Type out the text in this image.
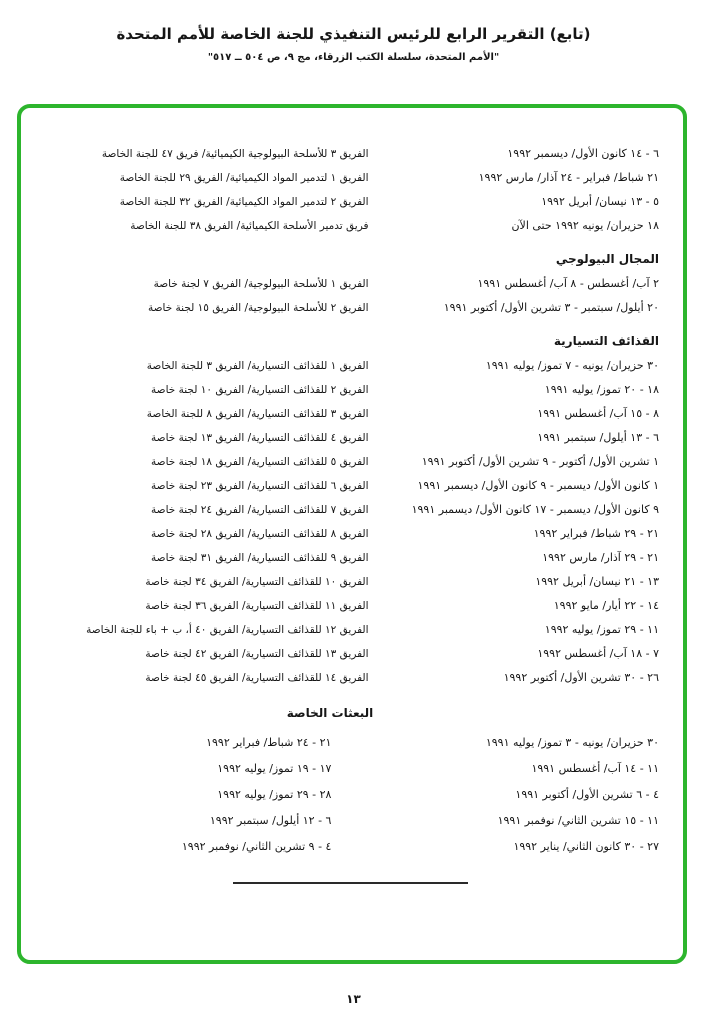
(تابع) التقرير الرابع للرئيس التنفيذي للجنة الخاصة للأمم المتحدة
"الأمم المتحدة، سلسلة الكتب الزرقاء، مج ٩، ص ٥٠٤ ــ ٥١٧"
٦ - ١٤ كانون الأول/ ديسمبر ١٩٩٢
الفريق ٣ للأسلحة البيولوجية الكيميائية/ فريق ٤٧ للجنة الخاصة
٢١ شباط/ فبراير - ٢٤ آذار/ مارس ١٩٩٢
الفريق ١ لتدمير المواد الكيميائية/ الفريق ٢٩ للجنة الخاصة
٥ - ١٣ نيسان/ أبريل ١٩٩٢
الفريق ٢ لتدمير المواد الكيميائية/ الفريق ٣٢ للجنة الخاصة
١٨ حزيران/ يونيه ١٩٩٢ حتى الآن
فريق تدمير الأسلحة الكيميائية/ الفريق ٣٨ للجنة الخاصة
المجال البيولوجي
٢ آب/ أغسطس - ٨ آب/ أغسطس ١٩٩١
الفريق ١ للأسلحة البيولوجية/ الفريق ٧ لجنة خاصة
٢٠ أيلول/ سبتمبر - ٣ تشرين الأول/ أكتوبر ١٩٩١
الفريق ٢ للأسلحة البيولوجية/ الفريق ١٥ لجنة خاصة
القذائف التسيارية
٣٠ حزيران/ يونيه - ٧ تموز/ يوليه ١٩٩١
الفريق ١ للقذائف التسيارية/ الفريق ٣ للجنة الخاصة
١٨ - ٢٠ تموز/ يوليه ١٩٩١
الفريق ٢ للقذائف التسيارية/ الفريق ١٠ لجنة خاصة
٨ - ١٥ آب/ أغسطس ١٩٩١
الفريق ٣ للقذائف التسيارية/ الفريق ٨ للجنة الخاصة
٦ - ١٣ أيلول/ سبتمبر ١٩٩١
الفريق ٤ للقذائف التسيارية/ الفريق ١٣ لجنة خاصة
١ تشرين الأول/ أكتوبر - ٩ تشرين الأول/ أكتوبر ١٩٩١
الفريق ٥ للقذائف التسيارية/ الفريق ١٨ لجنة خاصة
١ كانون الأول/ ديسمبر - ٩ كانون الأول/ ديسمبر ١٩٩١
الفريق ٦ للقذائف التسيارية/ الفريق ٢٣ لجنة خاصة
٩ كانون الأول/ ديسمبر - ١٧ كانون الأول/ ديسمبر ١٩٩١
الفريق ٧ للقذائف التسيارية/ الفريق ٢٤ لجنة خاصة
٢١ - ٢٩ شباط/ فبراير ١٩٩٢
الفريق ٨ للقذائف التسيارية/ الفريق ٢٨ لجنة خاصة
٢١ - ٢٩ آذار/ مارس ١٩٩٢
الفريق ٩ للقذائف التسيارية/ الفريق ٣١ لجنة خاصة
١٣ - ٢١ نيسان/ أبريل ١٩٩٢
الفريق ١٠ للقذائف التسيارية/ الفريق ٣٤ لجنة خاصة
١٤ - ٢٢ أيار/ مايو ١٩٩٢
الفريق ١١ للقذائف التسيارية/ الفريق ٣٦ لجنة خاصة
١١ - ٢٩ تموز/ يوليه ١٩٩٢
الفريق ١٢ للقذائف التسيارية/ الفريق ٤٠ أ، ب + باء للجنة الخاصة
٧ - ١٨ آب/ أغسطس ١٩٩٢
الفريق ١٣ للقذائف التسيارية/ الفريق ٤٢ لجنة خاصة
٢٦ - ٣٠ تشرين الأول/ أكتوبر ١٩٩٢
الفريق ١٤ للقذائف التسيارية/ الفريق ٤٥ لجنة خاصة
البعثات الخاصة
٣٠ حزيران/ يونيه - ٣ تموز/ يوليه ١٩٩١
٢١ - ٢٤ شباط/ فبراير ١٩٩٢
١١ - ١٤ آب/ أغسطس ١٩٩١
١٧ - ١٩ تموز/ يوليه ١٩٩٢
٤ - ٦ تشرين الأول/ أكتوبر ١٩٩١
٢٨ - ٢٩ تموز/ يوليه ١٩٩٢
١١ - ١٥ تشرين الثاني/ نوفمبر ١٩٩١
٦ - ١٢ أيلول/ سبتمبر ١٩٩٢
٢٧ - ٣٠ كانون الثاني/ يناير ١٩٩٢
٤ - ٩ تشرين الثاني/ نوفمبر ١٩٩٢
١٣
